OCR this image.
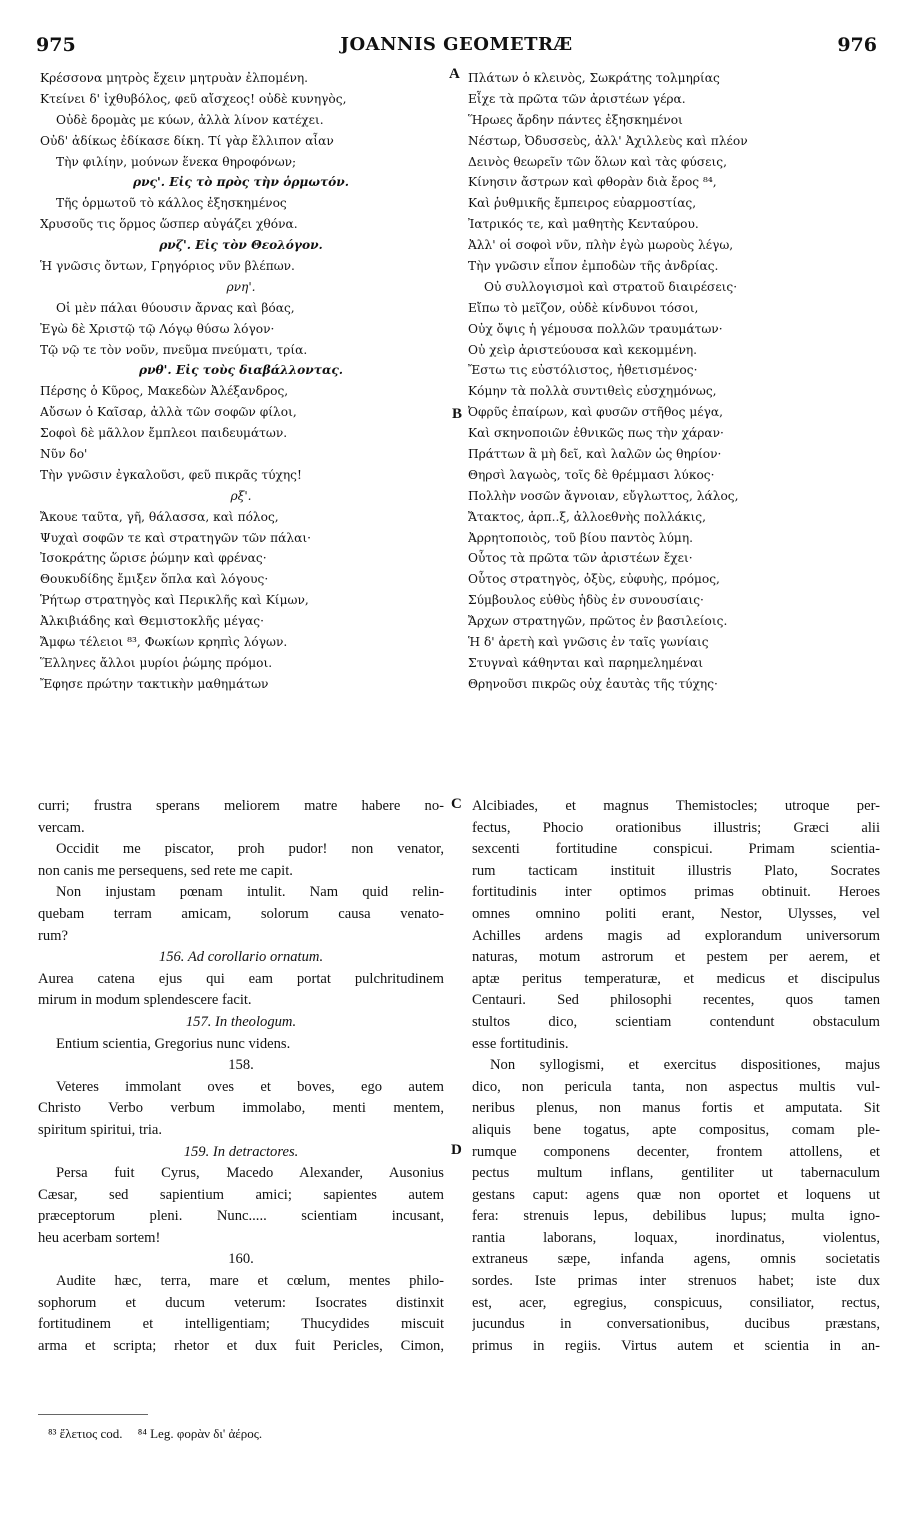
975	JOANNIS GEOMETRÆ	976
A
B
C
D
Κρέσσονα μητρὸς ἔχειν μητρυὰν ἐλπομένη.
Κτείνει δ' ἰχθυβόλος, φεῦ αἴσχεος! οὐδὲ κυνηγὸς,
Οὐδὲ δρομὰς με κύων, ἀλλὰ λίνον κατέχει.
Οὐδ' ἀδίκως ἐδίκασε δίκη. Τί γὰρ ἔλλιπον αἶαν
Τὴν φιλίην, μούνων ἕνεκα θηροφόνων;
ρνς'. Εἰς τὸ πρὸς τὴν ὁρμωτόν.
Τῆς ὁρμωτοῦ τὸ κάλλος ἐξησκημένος
Χρυσοῦς τις ὅρμος ὥσπερ αὐγάζει χθόνα.
ρνζ'. Εἰς τὸν Θεολόγον.
Ἡ γνῶσις ὄντων, Γρηγόριος νῦν βλέπων.
ρνη'.
Οἱ μὲν πάλαι θύουσιν ἄρνας καὶ βόας,
Ἐγὼ δὲ Χριστῷ τῷ Λόγῳ θύσω λόγον·
Τῷ νῷ τε τὸν νοῦν, πνεῦμα πνεύματι, τρία.
ρνθ'. Εἰς τοὺς διαβάλλοντας.
Πέρσης ὁ Κῦρος, Μακεδὼν Ἀλέξανδρος,
Αὔσων ὁ Καῖσαρ, ἀλλὰ τῶν σοφῶν φίλοι,
Σοφοὶ δὲ μᾶλλον ἔμπλεοι παιδευμάτων.
Νῦν δο'
Τὴν γνῶσιν ἐγκαλοῦσι, φεῦ πικρᾶς τύχης!
ρξ'.
Ἄκουε ταῦτα, γῆ, θάλασσα, καὶ πόλος,
Ψυχαὶ σοφῶν τε καὶ στρατηγῶν τῶν πάλαι·
Ἰσοκράτης ὥρισε ῥώμην καὶ φρένας·
Θουκυδίδης ἔμιξεν ὅπλα καὶ λόγους·
Ῥήτωρ στρατηγὸς καὶ Περικλῆς καὶ Κίμων,
Ἀλκιβιάδης καὶ Θεμιστοκλῆς μέγας·
Ἄμφω τέλειοι ⁸³, Φωκίων κρηπὶς λόγων.
Ἕλληνες ἄλλοι μυρίοι ῥώμης πρόμοι.
Ἔφησε πρώτην τακτικὴν μαθημάτων
Πλάτων ὁ κλεινὸς, Σωκράτης τολμηρίας
Εἶχε τὰ πρῶτα τῶν ἀριστέων γέρα.
Ἥρωες ἄρδην πάντες ἐξησκημένοι
Νέστωρ, Ὀδυσσεὺς, ἀλλ' Ἀχιλλεὺς καὶ πλέον
Δεινὸς θεωρεῖν τῶν ὅλων καὶ τὰς φύσεις,
Κίνησιν ἄστρων καὶ φθορὰν διὰ ἔρος ⁸⁴,
Καὶ ῥυθμικῆς ἔμπειρος εὐαρμοστίας,
Ἰατρικός τε, καὶ μαθητὴς Κενταύρου.
Ἀλλ' οἱ σοφοὶ νῦν, πλὴν ἐγὼ μωροὺς λέγω,
Τὴν γνῶσιν εἶπον ἐμποδὼν τῆς ἀνδρίας.
Οὐ συλλογισμοὶ καὶ στρατοῦ διαιρέσεις·
Εἴπω τὸ μεῖζον, οὐδὲ κίνδυνοι τόσοι,
Οὐχ ὄψις ἡ γέμουσα πολλῶν τραυμάτων·
Οὐ χεὶρ ἀριστεύουσα καὶ κεκομμένη.
Ἔστω τις εὐστόλιστος, ἠθετισμένος·
Κόμην τὰ πολλὰ συντιθεὶς εὐσχημόνως,
Ὀφρῦς ἐπαίρων, καὶ φυσῶν στῆθος μέγα,
Καὶ σκηνοποιῶν ἐθνικῶς πως τὴν χάραν·
Πράττων ἃ μὴ δεῖ, καὶ λαλῶν ὡς θηρίον·
Θηρσὶ λαγωὸς, τοῖς δὲ θρέμμασι λύκος·
Πολλὴν νοσῶν ἄγνοιαν, εὔγλωττος, λάλος,
Ἄτακτος, ἁρπ..ξ, ἀλλοεθνὴς πολλάκις,
Ἀρρητοποιὸς, τοῦ βίου παντὸς λύμη.
Οὗτος τὰ πρῶτα τῶν ἀριστέων ἔχει·
Οὗτος στρατηγὸς, ὀξὺς, εὐφυὴς, πρόμος,
Σύμβουλος εὐθὺς ἡδὺς ἐν συνουσίαις·
Ἄρχων στρατηγῶν, πρῶτος ἐν βασιλείοις.
Ἡ δ' ἀρετὴ καὶ γνῶσις ἐν ταῖς γωνίαις
Στυγναὶ κάθηνται καὶ παρημελημέναι
Θρηνοῦσι πικρῶς οὐχ ἑαυτὰς τῆς τύχης·
curri; frustra sperans meliorem matre habere no-
vercam.
Occidit me piscator, proh pudor! non venator,
non canis me persequens, sed rete me capit.
Non injustam pœnam intulit. Nam quid relin-
quebam terram amicam, solorum causa venato-
rum?
156. Ad corollario ornatum.
Aurea catena ejus qui eam portat pulchritudinem
mirum in modum splendescere facit.
157. In theologum.
Entium scientia, Gregorius nunc videns.
158.
Veteres immolant oves et boves, ego autem
Christo Verbo verbum immolabo, menti mentem,
spiritum spiritui, tria.
159. In detractores.
Persa fuit Cyrus, Macedo Alexander, Ausonius
Cæsar, sed sapientium amici; sapientes autem
præceptorum pleni. Nunc..... scientiam incusant,
heu acerbam sortem!
160.
Audite hæc, terra, mare et cœlum, mentes philo-
sophorum et ducum veterum: Isocrates distinxit
fortitudinem et intelligentiam; Thucydides miscuit
arma et scripta; rhetor et dux fuit Pericles, Cimon,
Alcibiades, et magnus Themistocles; utroque per-
fectus, Phocio orationibus illustris; Græci alii
sexcenti fortitudine conspicui. Primam scientia-
rum tacticam instituit illustris Plato, Socrates
fortitudinis inter optimos primas obtinuit. Heroes
omnes omnino politi erant, Nestor, Ulysses, vel
Achilles ardens magis ad explorandum universorum
naturas, motum astrorum et pestem per aerem, et
aptæ peritus temperaturæ, et medicus et discipulus
Centauri. Sed philosophi recentes, quos tamen
stultos dico, scientiam contendunt obstaculum
esse fortitudinis.
Non syllogismi, et exercitus dispositiones, majus
dico, non pericula tanta, non aspectus multis vul-
neribus plenus, non manus fortis et amputata. Sit
aliquis bene togatus, apte compositus, comam ple-
rumque componens decenter, frontem attollens, et
pectus multum inflans, gentiliter ut tabernaculum
gestans caput: agens quæ non oportet et loquens ut
fera: strenuis lepus, debilibus lupus; multa igno-
rantia laborans, loquax, inordinatus, violentus,
extraneus sæpe, infanda agens, omnis societatis
sordes. Iste primas inter strenuos habet; iste dux
est, acer, egregius, conspicuus, consiliator, rectus,
jucundus in conversationibus, ducibus præstans,
primus in regiis. Virtus autem et scientia in an-
⁸³ ἔλετιος cod. ⁸⁴ Leg. φορὰν δι' ἀέρος.
